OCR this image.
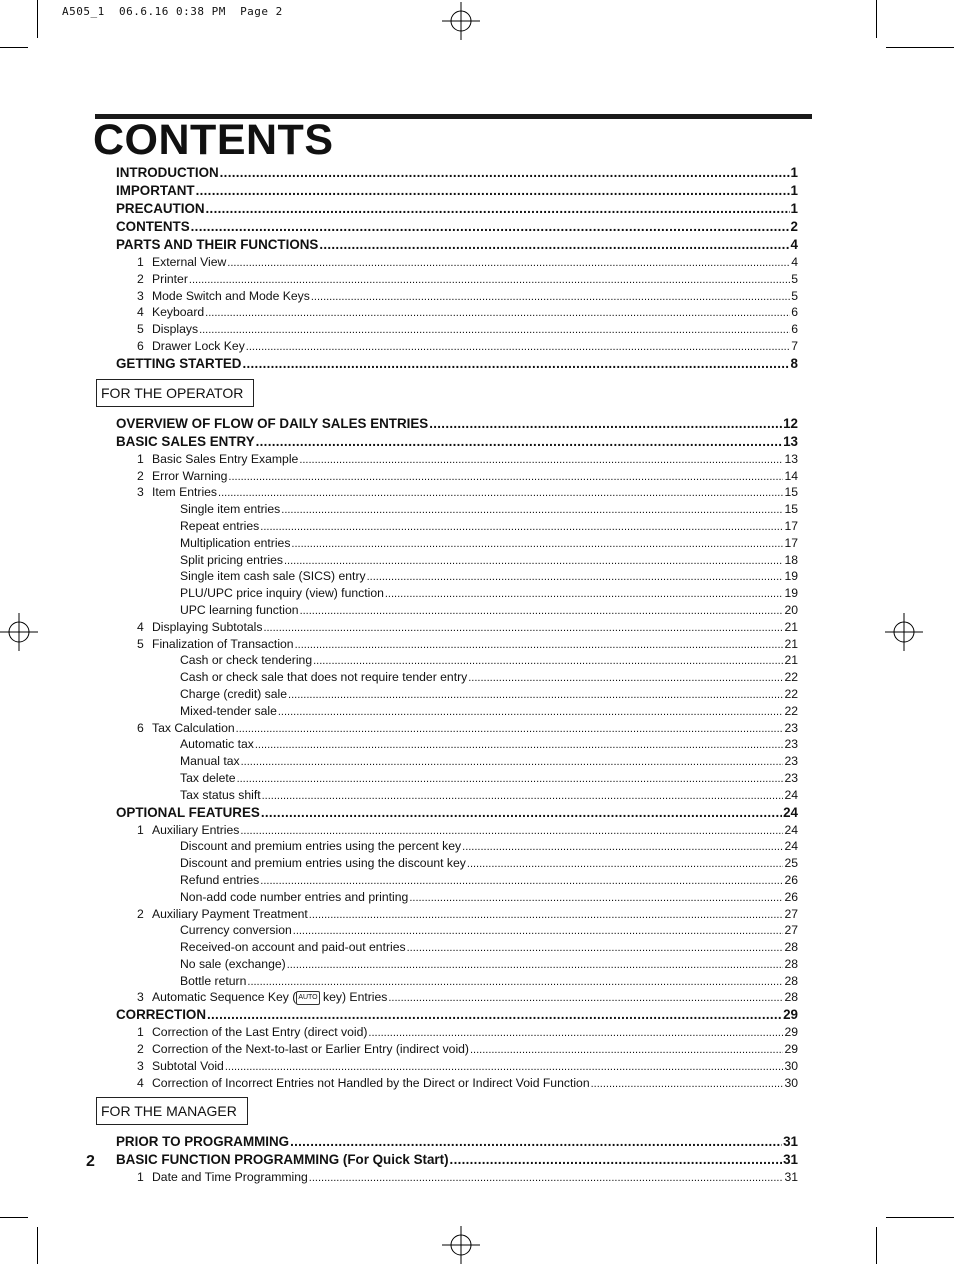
A505_1  06.6.16 0:38 PM  Page 2
CONTENTS
INTRODUCTION .....	1
IMPORTANT .....	1
PRECAUTION .....	1
CONTENTS .....	2
PARTS AND THEIR FUNCTIONS .....	4
1 External View .....	4
2 Printer .....	5
3 Mode Switch and Mode Keys .....	5
4 Keyboard .....	6
5 Displays .....	6
6 Drawer Lock Key .....	7
GETTING STARTED .....	8
FOR THE OPERATOR
OVERVIEW OF FLOW OF DAILY SALES ENTRIES .....	12
BASIC SALES ENTRY .....	13
1 Basic Sales Entry Example .....	13
2 Error Warning .....	14
3 Item Entries .....	15
Single item entries .....	15
Repeat entries .....	17
Multiplication entries .....	17
Split pricing entries .....	18
Single item cash sale (SICS) entry .....	19
PLU/UPC price inquiry (view) function .....	19
UPC learning function .....	20
4 Displaying Subtotals .....	21
5 Finalization of Transaction .....	21
Cash or check tendering .....	21
Cash or check sale that does not require tender entry .....	22
Charge (credit) sale .....	22
Mixed-tender sale .....	22
6 Tax Calculation .....	23
Automatic tax .....	23
Manual tax .....	23
Tax delete .....	23
Tax status shift .....	24
OPTIONAL FEATURES .....	24
1 Auxiliary Entries .....	24
Discount and premium entries using the percent key .....	24
Discount and premium entries using the discount key .....	25
Refund entries .....	26
Non-add code number entries and printing .....	26
2 Auxiliary Payment Treatment .....	27
Currency conversion .....	27
Received-on account and paid-out entries .....	28
No sale (exchange) .....	28
Bottle return .....	28
3 Automatic Sequence Key ( AUTO key) Entries .....	28
CORRECTION .....	29
1 Correction of the Last Entry (direct void) .....	29
2 Correction of the Next-to-last or Earlier Entry (indirect void) .....	29
3 Subtotal Void .....	30
4 Correction of Incorrect Entries not Handled by the Direct or Indirect Void Function .....	30
FOR THE MANAGER
PRIOR TO PROGRAMMING .....	31
BASIC FUNCTION PROGRAMMING (For Quick Start) .....	31
1 Date and Time Programming .....	31
2
